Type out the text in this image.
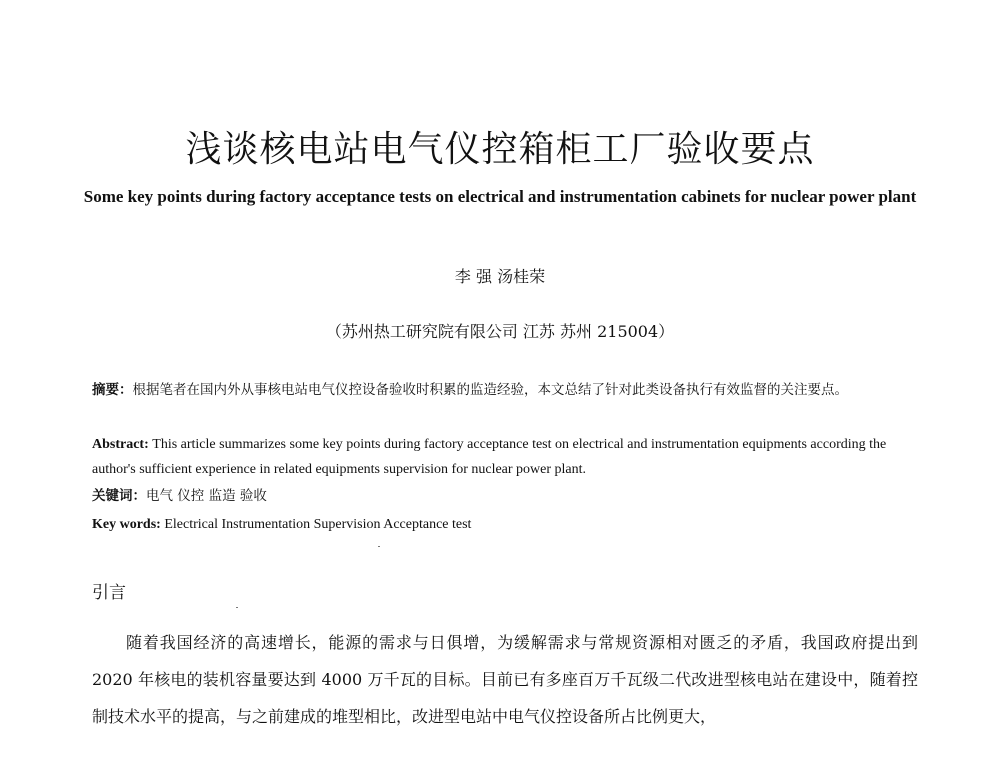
浅谈核电站电气仪控箱柜工厂验收要点
Some key points during factory acceptance tests on electrical and instrumentation cabinets for nuclear power plant
李 强 汤桂荣
（苏州热工研究院有限公司 江苏 苏州 215004）
摘要：根据笔者在国内外从事核电站电气仪控设备验收时积累的监造经验，本文总结了针对此类设备执行有效监督的关注要点。
Abstract: This article summarizes some key points during factory acceptance test on electrical and instrumentation equipments according the author's sufficient experience in related equipments supervision for nuclear power plant.
关键词：电气 仪控 监造 验收
Key words: Electrical Instrumentation Supervision Acceptance test
引言
随着我国经济的高速增长，能源的需求与日俱增，为缓解需求与常规资源相对匮乏的矛盾，我国政府提出到 2020 年核电的装机容量要达到 4000 万千瓦的目标。目前已有多座百万千瓦级二代改进型核电站在建设中，随着控制技术水平的提高，与之前建成的堆型相比，改进型电站中电气仪控设备所占比例更大，
